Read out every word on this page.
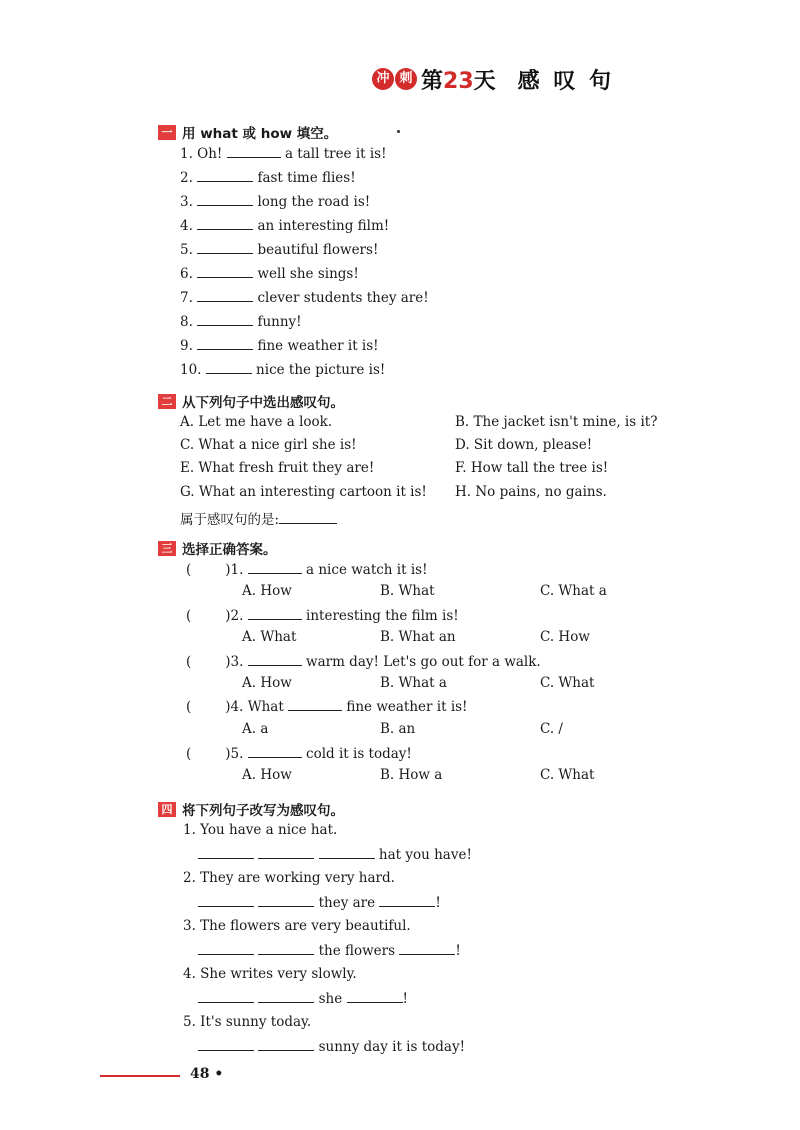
冲 刺 第23天 感 叹 句
一 用 what 或 how 填空。
1. Oh!	a tall tree it is!
2.	fast time flies!
3.	long the road is!
4.	an interesting film!
5.	beautiful flowers!
6.	well she sings!
7.	clever students they are!
8.	funny!
9.	fine weather it is!
10.	nice the picture is!
二 从下列句子中选出感叹句。
A. Let me have a look.	B. The jacket isn't mine, is it?
C. What a nice girl she is!	D. Sit down, please!
E. What fresh fruit they are!	F. How tall the tree is!
G. What an interesting cartoon it is! H. No pains, no gains.
属于感叹句的是:
三 选择正确答案。
(	)1.	a nice watch it is!
A. How	B. What	C. What a
(	)2.	interesting the film is!
A. What	B. What an	C. How
(	)3.	warm day! Let's go out for a walk.
A. How	B. What a	C. What
(	)4. What	fine weather it is!
A. a	B. an	C. /
(	)5.	cold it is today!
A. How	B. How a	C. What
四 将下列句子改写为感叹句。
1. You have a nice hat.
hat you have!
2. They are working very hard.
they are	!
3. The flowers are very beautiful.
the flowers	!
4. She writes very slowly.
she	!
5. It's sunny today.
sunny day it is today!
48 •
